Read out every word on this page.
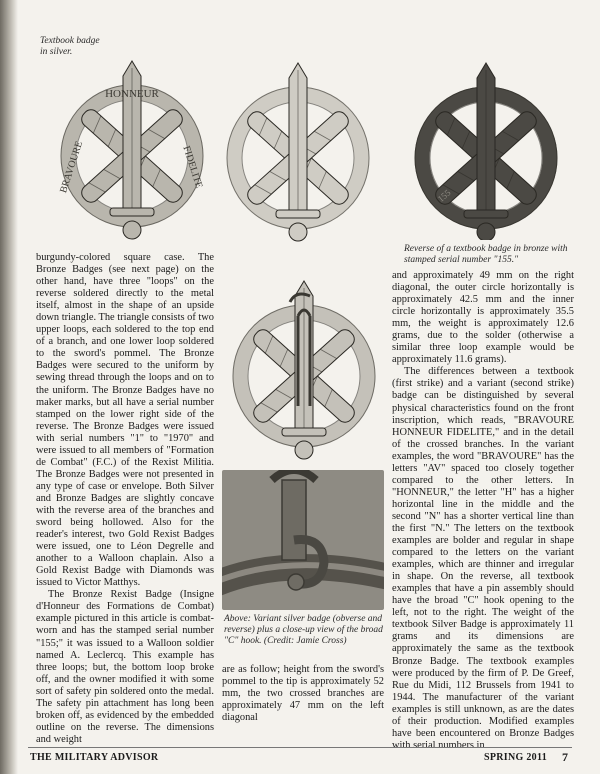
HONNEUR
BRAVOURE	FIDELITE
Textbook badge in silver.
155
Reverse of a textbook badge in bronze with stamped serial number "155."
Above: Variant silver badge (obverse and reverse) plus a close-up view of the broad "C" hook. (Credit: Jamie Cross)

burgundy-colored square case. The Bronze Badges (see next page) on the other hand, have three "loops" on the reverse soldered directly to the metal itself, almost in the shape of an upside down triangle. The triangle consists of two upper loops, each soldered to the top end of a branch, and one lower loop soldered to the sword's pommel. The Bronze Badges were secured to the uniform by sewing thread through the loops and on to the uniform. The Bronze Badges have no maker marks, but all have a serial number stamped on the lower right side of the reverse. The Bronze Badges were issued with serial numbers "1" to "1970" and were issued to all members of "Formation de Combat" (F.C.) of the Rexist Militia. The Bronze Badges were not presented in any type of case or envelope. Both Silver and Bronze Badges are slightly concave with the reverse area of the branches and sword being hollowed. Also for the reader's interest, two Gold Rexist Badges were issued, one to Léon Degrelle and another to a Walloon chaplain. Also a Gold Rexist Badge with Diamonds was issued to Victor Matthys.

The Bronze Rexist Badge (Insigne d'Honneur des Formations de Combat) example pictured in this article is combat-worn and has the stamped serial number "155;" it was issued to a Walloon soldier named A. Leclercq. This example has three loops; but, the bottom loop broke off, and the owner modified it with some sort of safety pin soldered onto the medal. The safety pin attachment has long been broken off, as evidenced by the embedded outline on the reverse. The dimensions and weight

are as follow; height from the sword's pommel to the tip is approximately 52 mm, the two crossed branches are approximately 47 mm on the left diagonal

and approximately 49 mm on the right diagonal, the outer circle horizontally is approximately 42.5 mm and the inner circle horizontally is approximately 35.5 mm, the weight is approximately 12.6 grams, due to the solder (otherwise a similar three loop example would be approximately 11.6 grams).

The differences between a textbook (first strike) and a variant (second strike) badge can be distinguished by several physical characteristics found on the front inscription, which reads, "BRAVOURE HONNEUR FIDELITE," and in the detail of the crossed branches. In the variant examples, the word "BRAVOURE" has the letters "AV" spaced too closely together compared to the other letters. In "HONNEUR," the letter "H" has a higher horizontal line in the middle and the second "N" has a shorter vertical line than the first "N." The letters on the textbook examples are bolder and regular in shape compared to the letters on the variant examples, which are thinner and irregular in shape. On the reverse, all textbook examples that have a pin assembly should have the broad "C" hook opening to the left, not to the right. The weight of the textbook Silver Badge is approximately 11 grams and its dimensions are approximately the same as the textbook Bronze Badge. The textbook examples were produced by the firm of P. De Greef, Rue du Midi, 112 Brussels from 1941 to 1944. The manufacturer of the variant examples is still unknown, as are the dates of their production. Modified examples have been encountered on Bronze Badges with serial numbers in

THE MILITARY ADVISOR	SPRING 2011 7
